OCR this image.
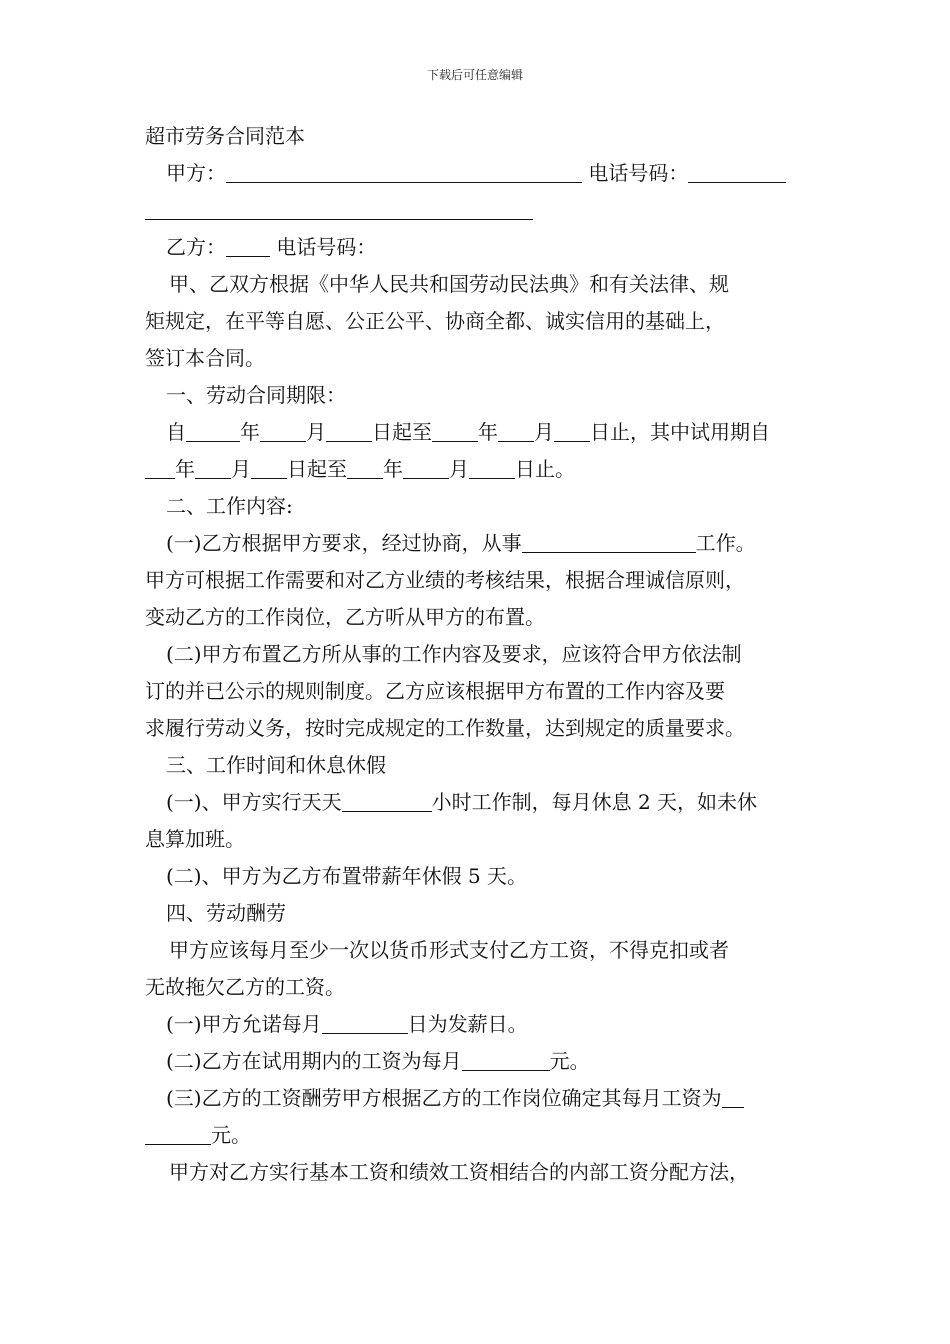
下载后可任意编辑
超市劳务合同范本
甲方：	电话号码：
乙方： 电话号码：
甲、乙双方根据《中华人民共和国劳动民法典》和有关法律、规
矩规定，在平等自愿、公正公平、协商全都、诚实信用的基础上，
签订本合同。
一、劳动合同期限：
自	年 月 日起至 年 月 日止，其中试用期自
年 月 日起至 年 月 日止。
二、工作内容:
(一)乙方根据甲方要求，经过协商，从事	工作。
甲方可根据工作需要和对乙方业绩的考核结果，根据合理诚信原则，
变动乙方的工作岗位，乙方听从甲方的布置。
(二)甲方布置乙方所从事的工作内容及要求，应该符合甲方依法制
订的并已公示的规则制度。乙方应该根据甲方布置的工作内容及要
求履行劳动义务，按时完成规定的工作数量，达到规定的质量要求。
三、工作时间和休息休假
(一)、甲方实行天天	小时工作制，每月休息 2 天，如未休
息算加班。
(二)、甲方为乙方布置带薪年休假 5 天。
四、劳动酬劳
甲方应该每月至少一次以货币形式支付乙方工资，不得克扣或者
无故拖欠乙方的工资。
(一)甲方允诺每月	日为发薪日。
(二)乙方在试用期内的工资为每月	元。
(三)乙方的工资酬劳甲方根据乙方的工作岗位确定其每月工资为
元。
甲方对乙方实行基本工资和绩效工资相结合的内部工资分配方法，
